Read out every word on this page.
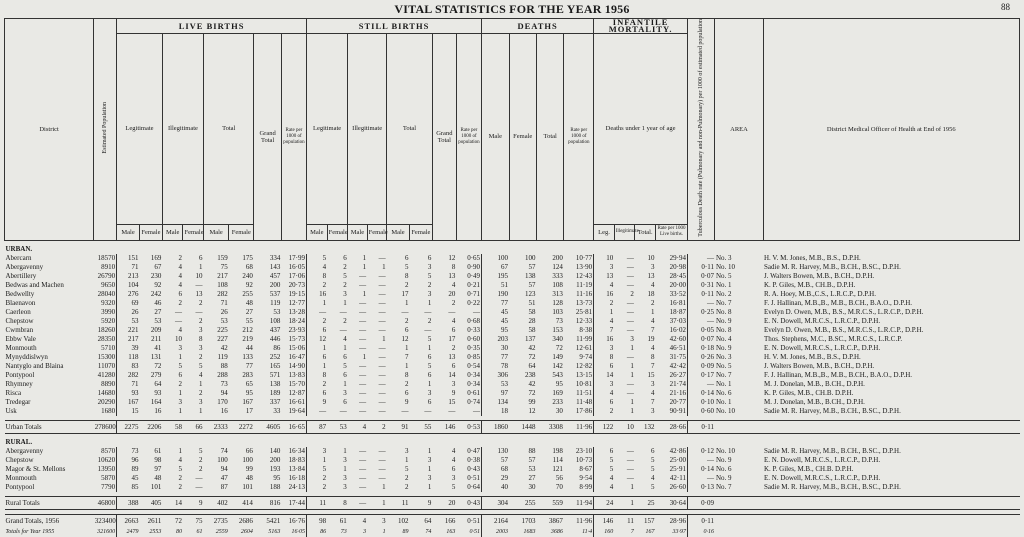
VITAL STATISTICS FOR THE YEAR 1956	88
District	Estimated Population	LIVE BIRTHS								STILL BIRTHS								DEATHS				INFANTILE MORTALITY.				Tuberculous Death rate (Pulmonary and non-Pulmonary) per 1000 of estimated population	AREA	District Medical Officer of Health at End of 1956
		Legitimate		Illegitimate		Total		Grand Total	Rate per 1000 of population	Legitimate		Illegitimate		Total		Grand Total	Rate per 1000 of population	Male	Female	Total	Rate per 1000 of population	Deaths under 1 year of age						
		Male	Female	Male	Female	Male	Female			Male	Female	Male	Female	Male	Female							Leg.	Illegitimate	Total.	Rate per 1000 Live births.			

URBAN.																												
Abercarn	18570	151	169	2	6	159	175	334	17·99	5	6	1	—	6	6	12	0·65	100	100	200	10·77	10	—	10	29·94	—	No. 3	H. V. M. Jones, M.B., B.S., D.P.H.
Abergavenny	8910	71	67	4	1	75	68	143	16·05	4	2	1	1	5	3	8	0·90	67	57	124	13·90	3	—	3	20·98	0·11	No. 10	Sadie M. R. Harvey, M.B., B.CH., B.SC., D.P.H.
Abertillery	26790	213	230	4	10	217	240	457	17·06	8	5	—	—	8	5	13	0·49	195	138	333	12·43	13	—	13	28·45	0·07	No. 5	J. Walters Bowen, M.B., B.CH., D.P.H.
Bedwas and Machen	9650	104	92	4	—	108	92	200	20·73	2	2	—	—	2	2	4	0·21	51	57	108	11·19	4	—	4	20·00	0·31	No. 1	K. P. Giles, M.B., CH.B., D.P.H.
Bedwellty	28040	276	242	6	13	282	255	537	19·15	16	3	1	—	17	3	20	0·71	190	123	313	11·16	16	2	18	33·52	0·11	No. 2	R. A. Hoey, M.B.,C.S., L.R.C.P., D.P.H.
Blaenavon	9320	69	46	2	2	71	48	119	12·77	1	1	—	—	1	1	2	0·22	77	51	128	13·73	2	—	2	16·81	—	No. 7	F. J. Hallinan, M.B.,B., M.B., B.CH., B.A.O., D.P.H.
Caerleon	3990	26	27	—	—	26	27	53	13·28	—	—	—	—	—	—	—	—	45	58	103	25·81	1	—	1	18·87	0·25	No. 8	Evelyn D. Owen, M.B., B.S., M.R.C.S., L.R.C.P., D.P.H.
Chepstow	5920	53	53	—	2	53	55	108	18·24	2	2	—	—	2	2	4	0·68	45	28	73	12·33	4	—	4	37·03	—	No. 9	E. N. Dowell, M.R.C.S., L.R.C.P., D.P.H.
Cwmbran	18260	221	209	4	3	225	212	437	23·93	6	—	—	—	6	—	6	0·33	95	58	153	8·38	7	—	7	16·02	0·05	No. 8	Evelyn D. Owen, M.B., B.S., M.R.C.S., L.R.C.P., D.P.H.
Ebbw Vale	28350	217	211	10	8	227	219	446	15·73	12	4	—	1	12	5	17	0·60	203	137	340	11·99	16	3	19	42·60	0·07	No. 4	Thos. Stephens, M.C., B.SC., M.R.C.S., L.R.C.P.
Monmouth	5710	39	41	3	3	42	44	86	15·06	1	1	—	—	1	1	2	0·35	30	42	72	12·61	3	1	4	46·51	0·18	No. 9	E. N. Dowell, M.R.C.S., L.R.C.P., D.P.H.
Mynyddislwyn	15300	118	131	1	2	119	133	252	16·47	6	6	1	—	7	6	13	0·85	77	72	149	9·74	8	—	8	31·75	0·26	No. 3	H. V. M. Jones, M.B., B.S., D.P.H.
Nantyglo and Blaina	11070	83	72	5	5	88	77	165	14·90	1	5	—	—	1	5	6	0·54	78	64	142	12·82	6	1	7	42·42	0·09	No. 5	J. Walters Bowen, M.B., B.CH., D.P.H.
Pontypool	41280	282	279	6	4	288	283	571	13·83	8	6	—	—	8	6	14	0·34	306	238	543	13·15	14	1	15	26·27	0·17	No. 7	F. J. Hallinan, M.B.,B., M.B., B.CH., B.A.O., D.P.H.
Rhymney	8890	71	64	2	1	73	65	138	15·70	2	1	—	—	2	1	3	0·34	53	42	95	10·81	3	—	3	21·74	—	No. 1	M. J. Donelan, M.B., B.CH., D.P.H.
Risca	14680	93	93	1	2	94	95	189	12·87	6	3	—	—	6	3	9	0·61	97	72	169	11·51	4	—	4	21·16	0·14	No. 6	K. P. Giles, M.B., CH.B. D.P.H.
Tredegar	20290	167	164	3	3	170	167	337	16·61	9	6	—	—	9	6	15	0·74	134	99	233	11·48	6	1	7	20·77	0·10	No. 1	M. J. Donelan, M.B., B.CH., D.P.H.
Usk	1680	15	16	1	1	16	17	33	19·64	—	—	—	—	—	—	—	—	18	12	30	17·86	2	1	3	90·91	0·60	No. 10	Sadie M. R. Harvey, M.B., B.CH., B.SC., D.P.H.

Urban Totals	278600	2275	2206	58	66	2333	2272	4605	16·65	87	53	4	2	91	55	146	0·53	1860	1448	3308	11·96	122	10	132	28·66	0·11		

RURAL.																												
Abergavenny	8570	73	61	1	5	74	66	140	16·34	3	1	—	—	3	1	4	0·47	130	88	198	23·10	6	—	6	42·86	0·12	No. 10	Sadie M. R. Harvey, M.B., B.CH., B.SC., D.P.H.
Chepstow	10620	96	98	4	2	100	100	200	18·83	1	3	—	—	1	3	4	0·38	57	57	114	10·73	5	—	5	25·00	—	No. 9	E. N. Dowell, M.R.C.S., L.R.C.P., D.P.H.
Magor & St. Mellons	13950	89	97	5	2	94	99	193	13·84	5	1	—	—	5	1	6	0·43	68	53	121	8·67	5	—	5	25·91	0·14	No. 6	K. P. Giles, M.B., CH.B. D.P.H.
Monmouth	5870	45	48	2	—	47	48	95	16·18	2	3	—	—	2	3	3	0·51	29	27	56	9·54	4	—	4	42·11	—	No. 9	E. N. Dowell, M.R.C.S., L.R.C.P., D.P.H.
Pontypool	7790	85	101	2	—	87	101	188	24·13	2	3	—	1	2	1	5	0·64	40	30	70	8·99	4	1	5	26·60	0·13	No. 7	Sadie M. R. Harvey, M.B., B.CH., B.SC., D.P.H.

Rural Totals	46800	388	405	14	9	402	414	816	17·44	11	8	—	1	11	9	20	0·43	304	255	559	11·94	24	1	25	30·64	0·09		

Grand Totals, 1956	323400	2663	2611	72	75	2735	2686	5421	16·76	98	61	4	3	102	64	166	0·51	2164	1703	3867	11·96	146	11	157	28·96	0·11		
Totals for Year 1955	321600	2479	2553	80	61	2559	2604	5163	16·05	86	73	3	1	89	74	163	0·51	2003	1683	3686	11·4	160	7	167	33·97	0·16		
